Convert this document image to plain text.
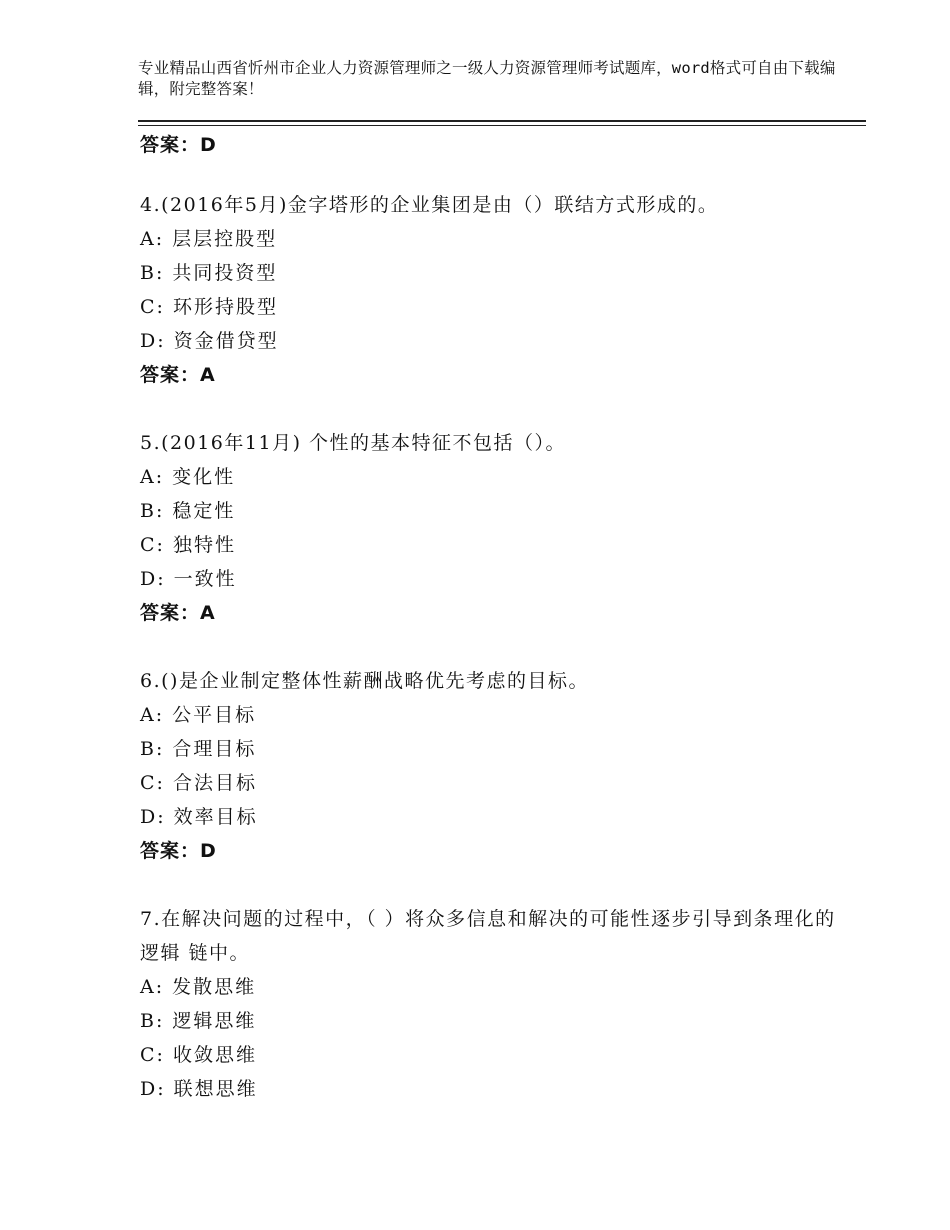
专业精品山西省忻州市企业人力资源管理师之一级人力资源管理师考试题库，word格式可自由下载编辑，附完整答案！
答案：D
4.(2016年5月)金字塔形的企业集团是由（）联结方式形成的。
A: 层层控股型
B: 共同投资型
C: 环形持股型
D: 资金借贷型
答案：A
5.(2016年11月) 个性的基本特征不包括（）。
A: 变化性
B: 稳定性
C: 独特性
D: 一致性
答案：A
6.()是企业制定整体性薪酬战略优先考虑的目标。
A: 公平目标
B: 合理目标
C: 合法目标
D: 效率目标
答案：D
7.在解决问题的过程中，（ ）将众多信息和解决的可能性逐步引导到条理化的逻辑 链中。
A: 发散思维
B: 逻辑思维
C: 收敛思维
D: 联想思维
